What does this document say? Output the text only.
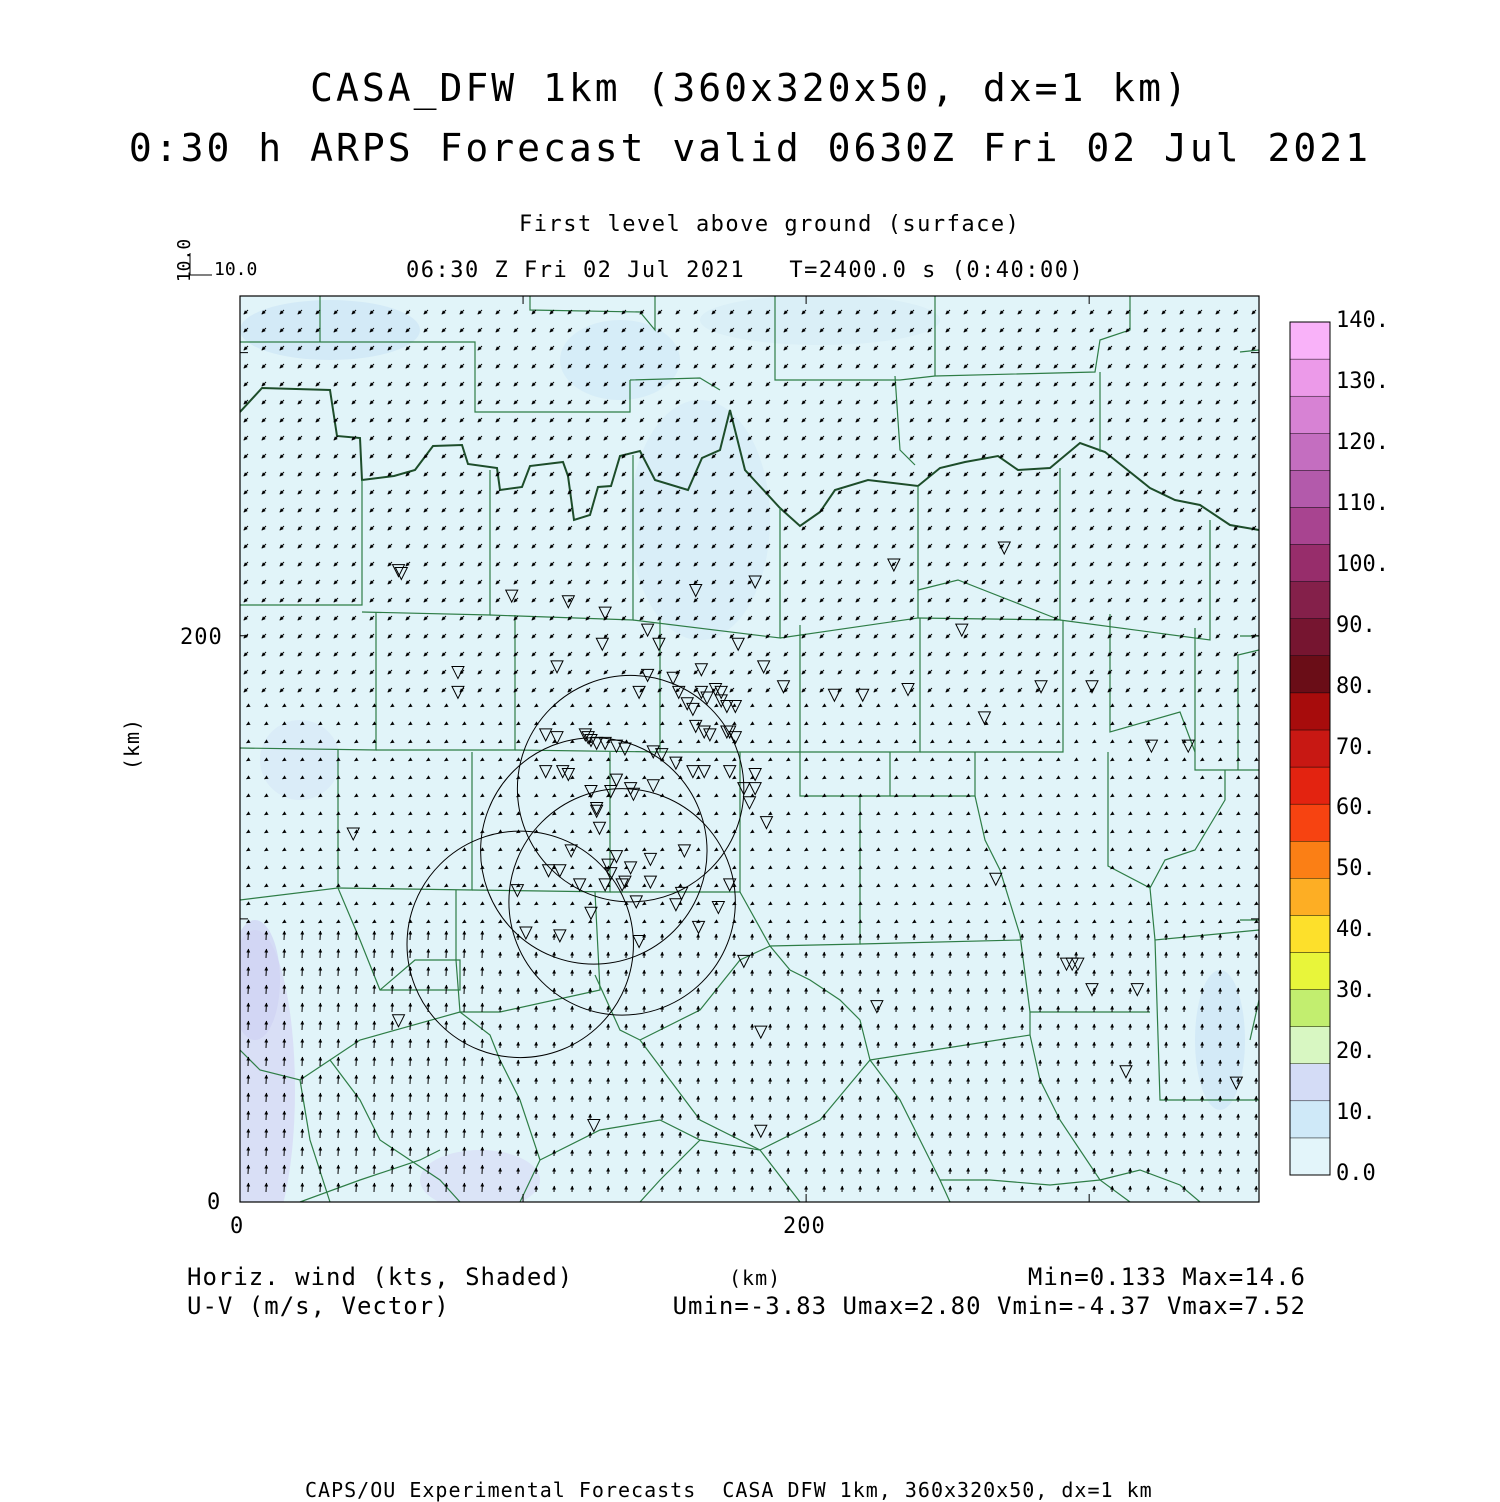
CASA_DFW 1km (360x320x50, dx=1 km)
0:30 h ARPS Forecast valid 0630Z Fri 02 Jul 2021
First level above ground (surface)
06:30 Z Fri 02 Jul 2021   T=2400.0 s (0:40:00)
10.0
10.0
200
0
0	200
(km)
(km)
Horiz. wind (kts, Shaded)
U-V (m/s, Vector)
Min=0.133 Max=14.6
Umin=-3.83 Umax=2.80 Vmin=-4.37 Vmax=7.52
0.0
10.
20.
30.
40.
50.
60.
70.
80.
90.
100.
110.
120.
130.
140.
CAPS/OU Experimental Forecasts  CASA DFW 1km, 360x320x50, dx=1 km
